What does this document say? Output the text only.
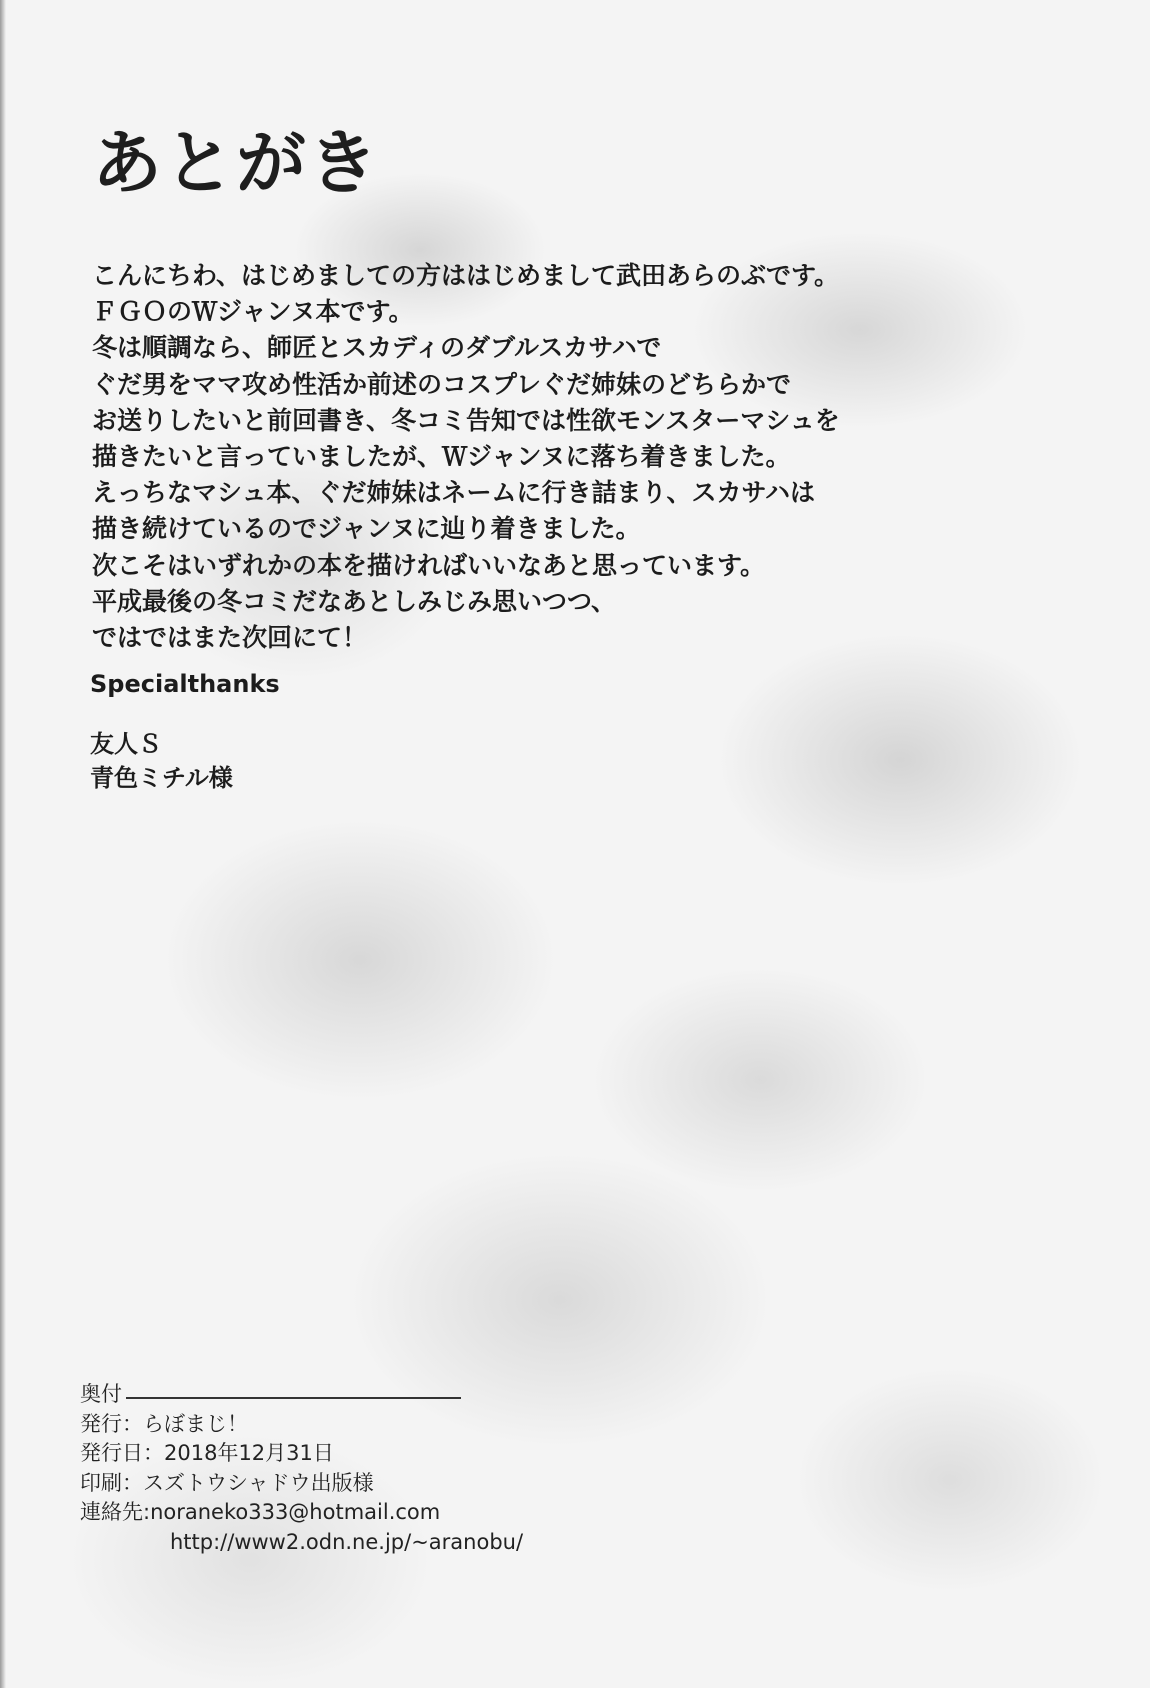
あとがき
こんにちわ、はじめましての方ははじめまして武田あらのぶです。
ＦＧＯのＷジャンヌ本です。
冬は順調なら、師匠とスカディのダブルスカサハで
ぐだ男をママ攻め性活か前述のコスプレぐだ姉妹のどちらかで
お送りしたいと前回書き、冬コミ告知では性欲モンスターマシュを
描きたいと言っていましたが、Ｗジャンヌに落ち着きました。
えっちなマシュ本、ぐだ姉妹はネームに行き詰まり、スカサハは
描き続けているのでジャンヌに辿り着きました。
次こそはいずれかの本を描ければいいなあと思っています。
平成最後の冬コミだなあとしみじみ思いつつ、
ではではまた次回にて！
Specialthanks
友人Ｓ
青色ミチル様
奥付
発行：らぼまじ！
発行日：2018年12月31日
印刷：スズトウシャドウ出版様
連絡先:noraneko333@hotmail.com
http://www2.odn.ne.jp/~aranobu/
